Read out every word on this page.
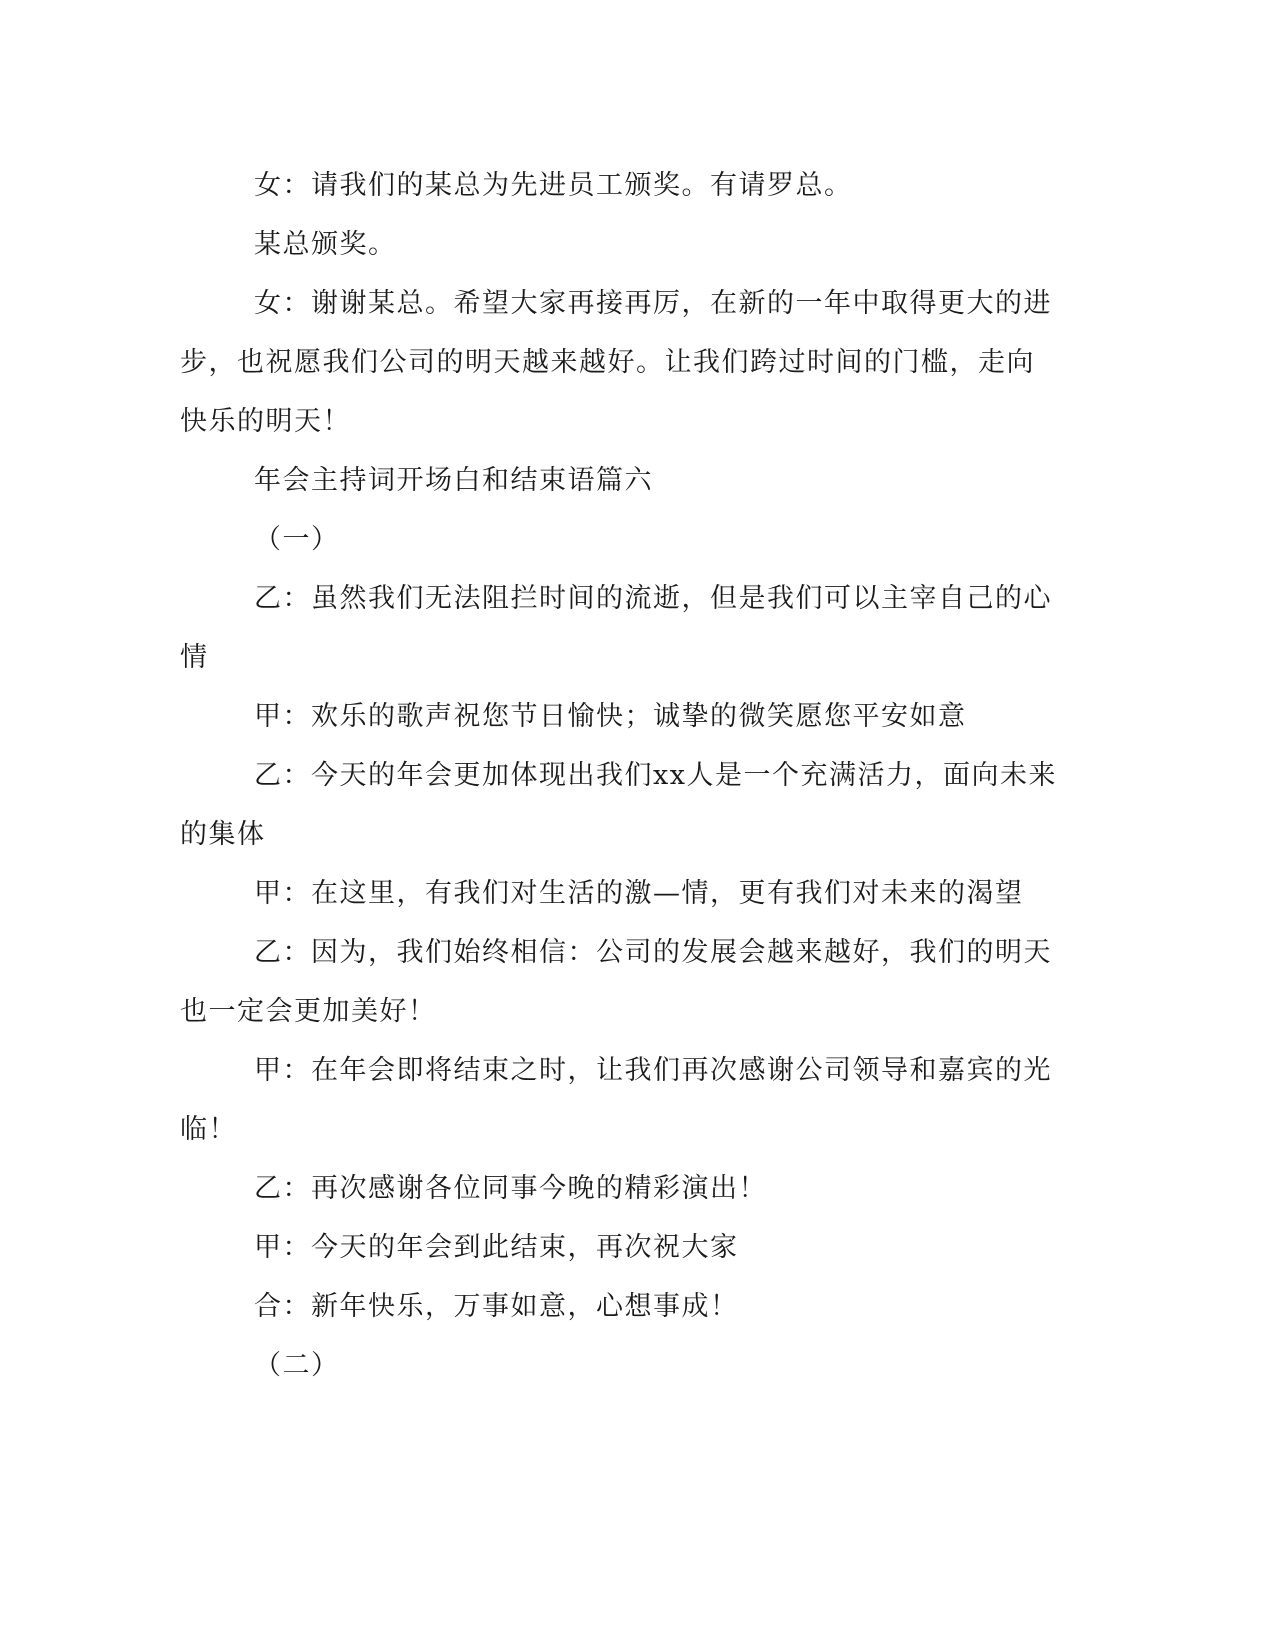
女：请我们的某总为先进员工颁奖。有请罗总。

某总颁奖。

女：谢谢某总。希望大家再接再厉，在新的一年中取得更大的进步，也祝愿我们公司的明天越来越好。让我们跨过时间的门槛，走向快乐的明天！

年会主持词开场白和结束语篇六

（一）

乙：虽然我们无法阻拦时间的流逝，但是我们可以主宰自己的心情

甲：欢乐的歌声祝您节日愉快；诚挚的微笑愿您平安如意

乙：今天的年会更加体现出我们xx人是一个充满活力，面向未来的集体

甲：在这里，有我们对生活的激—情，更有我们对未来的渴望

乙：因为，我们始终相信：公司的发展会越来越好，我们的明天也一定会更加美好！

甲：在年会即将结束之时，让我们再次感谢公司领导和嘉宾的光临！

乙：再次感谢各位同事今晚的精彩演出！

甲：今天的年会到此结束，再次祝大家

合：新年快乐，万事如意，心想事成！

（二）
